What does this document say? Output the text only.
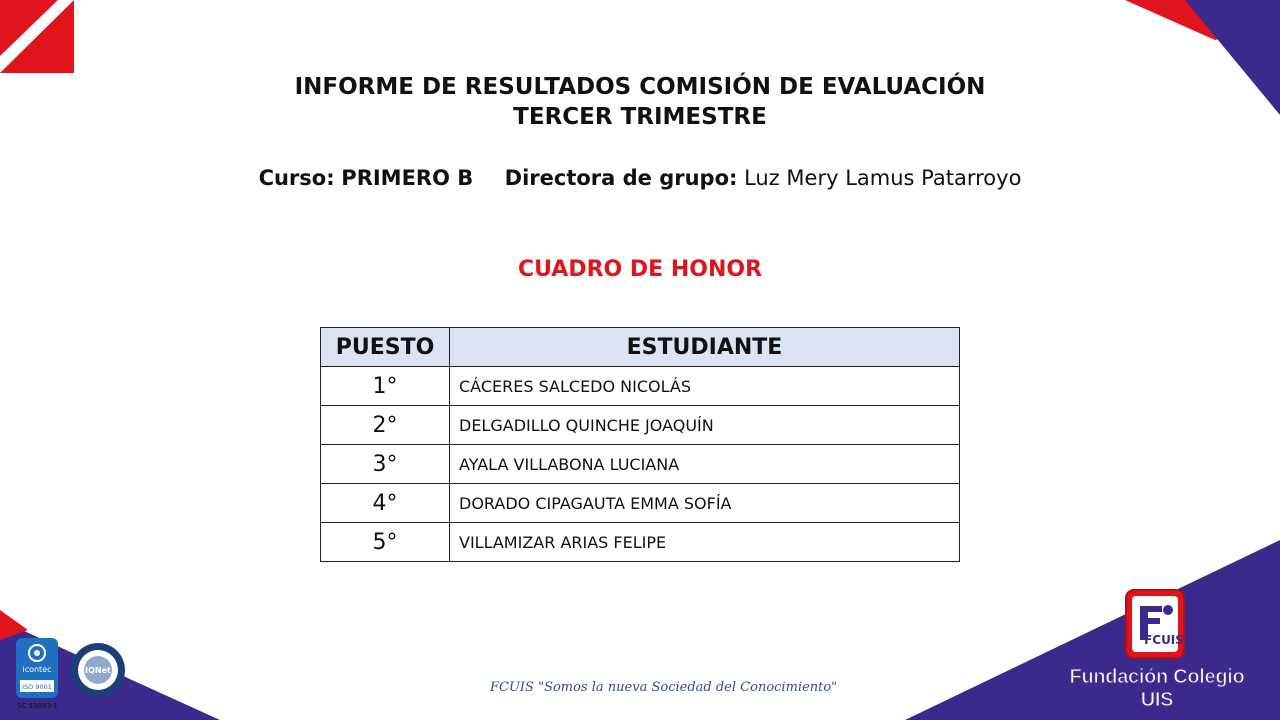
INFORME DE RESULTADOS COMISIÓN DE EVALUACIÓN
TERCER TRIMESTRE
Curso: PRIMERO B Directora de grupo: Luz Mery Lamus Patarroyo
CUADRO DE HONOR
PUESTO	ESTUDIANTE
1°	CÁCERES SALCEDO NICOLÁS
2°	DELGADILLO QUINCHE JOAQUÍN
3°	AYALA VILLABONA LUCIANA
4°	DORADO CIPAGAUTA EMMA SOFÍA
5°	VILLAMIZAR ARIAS FELIPE
icontec
ISO 9001
IQNet
SC 53883-1
FCUIS "Somos la nueva Sociedad del Conocimiento"
FCUIS
Fundación Colegio UIS
